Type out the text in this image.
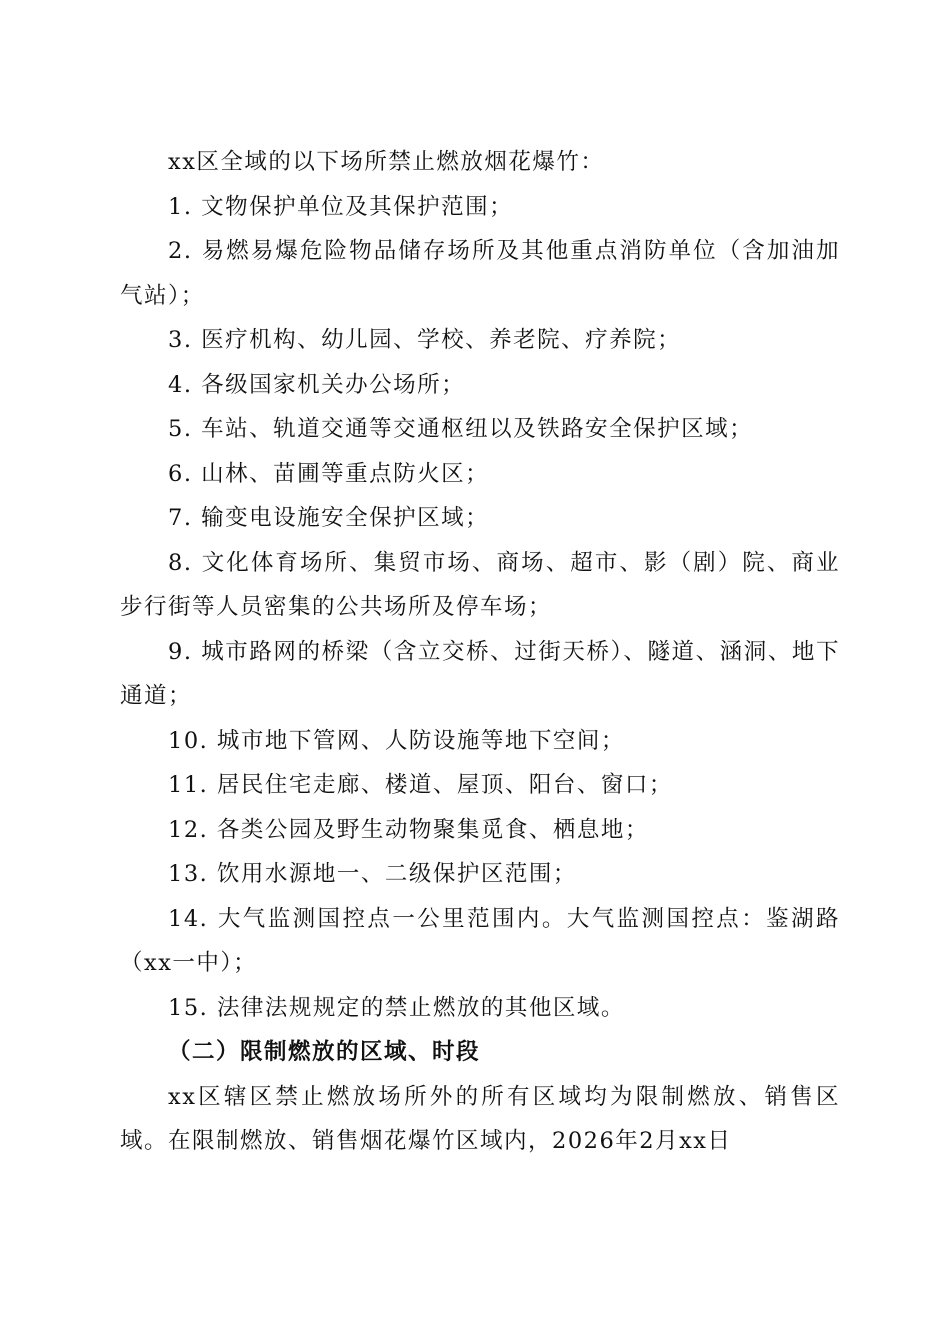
xx区全域的以下场所禁止燃放烟花爆竹：

1. 文物保护单位及其保护范围；

2. 易燃易爆危险物品储存场所及其他重点消防单位（含加油加气站）；

3. 医疗机构、幼儿园、学校、养老院、疗养院；

4. 各级国家机关办公场所；

5. 车站、轨道交通等交通枢纽以及铁路安全保护区域；

6. 山林、苗圃等重点防火区；

7. 输变电设施安全保护区域；

8. 文化体育场所、集贸市场、商场、超市、影（剧）院、商业步行街等人员密集的公共场所及停车场；

9. 城市路网的桥梁（含立交桥、过街天桥）、隧道、涵洞、地下通道；

10. 城市地下管网、人防设施等地下空间；

11. 居民住宅走廊、楼道、屋顶、阳台、窗口；

12. 各类公园及野生动物聚集觅食、栖息地；

13. 饮用水源地一、二级保护区范围；

14. 大气监测国控点一公里范围内。大气监测国控点：鉴湖路（xx一中）；

15. 法律法规规定的禁止燃放的其他区域。

（二）限制燃放的区域、时段

xx区辖区禁止燃放场所外的所有区域均为限制燃放、销售区域。在限制燃放、销售烟花爆竹区域内，2026年2月xx日
